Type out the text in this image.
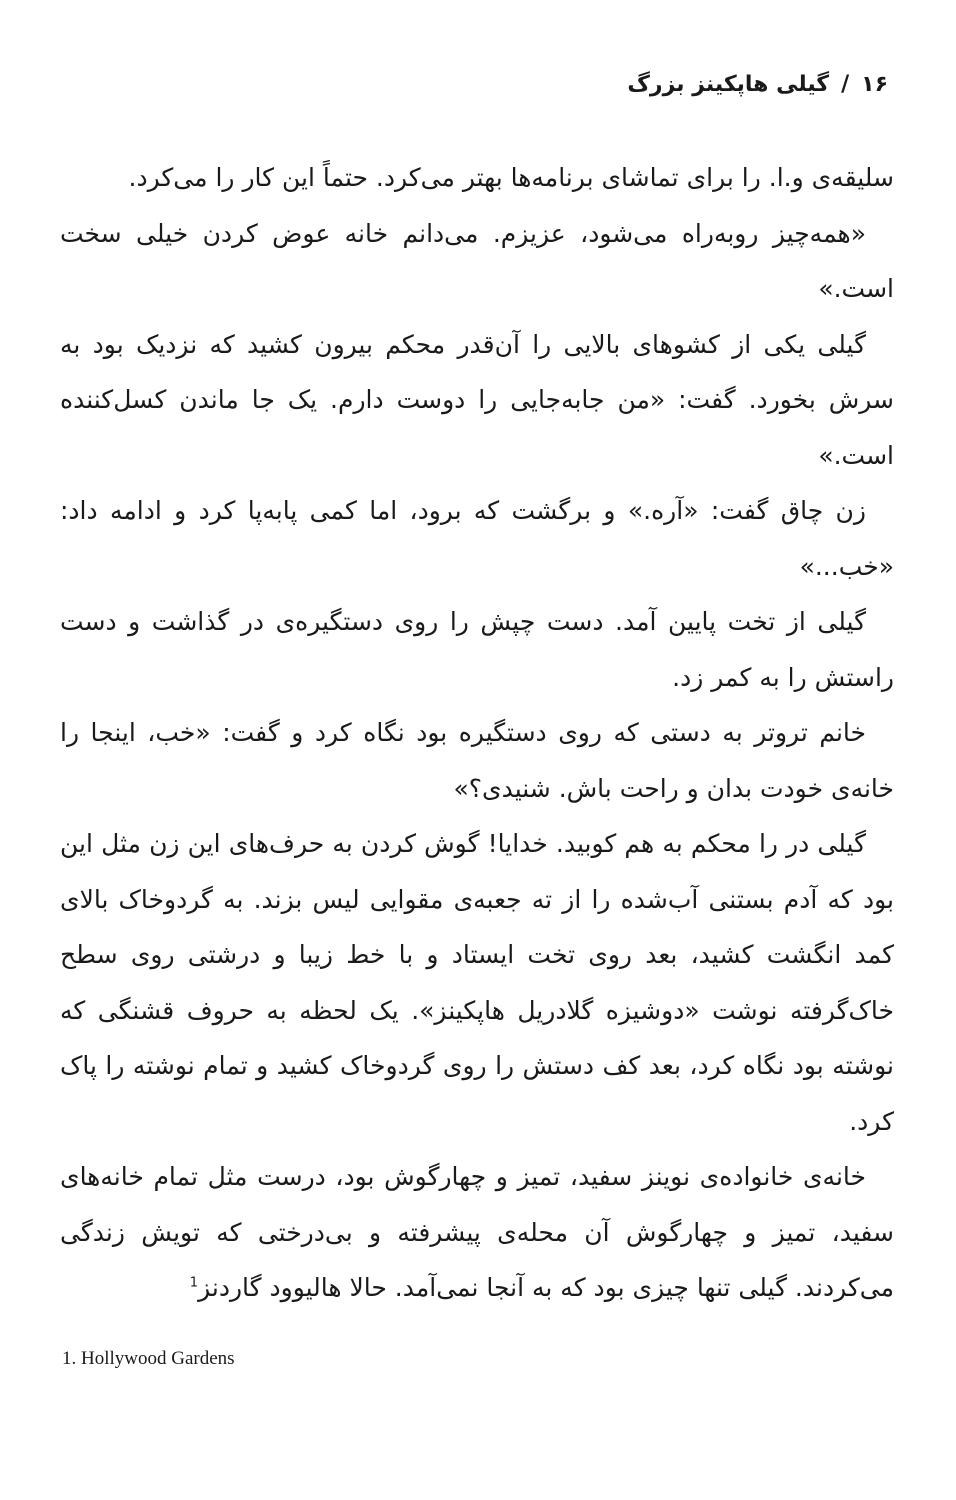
۱۶/گیلی هاپکینز بزرگ

سلیقه‌ی و.ا. را برای تماشای برنامه‌ها بهتر می‌کرد. حتماً این کار را می‌کرد.

«همه‌چیز روبه‌راه می‌شود، عزیزم. می‌دانم خانه عوض کردن خیلی سخت است.»

گیلی یکی از کشوهای بالایی را آن‌قدر محکم بیرون کشید که نزدیک بود به سرش بخورد. گفت: «من جابه‌جایی را دوست دارم. یک جا ماندن کسل‌کننده است.»

زن چاق گفت: «آره.» و برگشت که برود، اما کمی پابه‌پا کرد و ادامه داد: «خب...»

گیلی از تخت پایین آمد. دست چپش را روی دستگیره‌ی در گذاشت و دست راستش را به کمر زد.

خانم تروتر به دستی که روی دستگیره بود نگاه کرد و گفت: «خب، اینجا را خانه‌ی خودت بدان و راحت باش. شنیدی؟»

گیلی در را محکم به هم کوبید. خدایا! گوش کردن به حرف‌های این زن مثل این بود که آدم بستنی آب‌شده را از ته جعبه‌ی مقوایی لیس بزند. به گردوخاک بالای کمد انگشت کشید، بعد روی تخت ایستاد و با خط زیبا و درشتی روی سطح خاک‌گرفته نوشت «دوشیزه گلادریل هاپکینز». یک لحظه به حروف قشنگی که نوشته بود نگاه کرد، بعد کف دستش را روی گردوخاک کشید و تمام نوشته را پاک کرد.

خانه‌ی خانواده‌ی نوینز سفید، تمیز و چهارگوش بود، درست مثل تمام خانه‌های سفید، تمیز و چهارگوش آن محله‌ی پیشرفته و بی‌درختی که تویش زندگی می‌کردند. گیلی تنها چیزی بود که به آنجا نمی‌آمد. حالا هالیوود گاردنز$^1$

1. Hollywood Gardens
